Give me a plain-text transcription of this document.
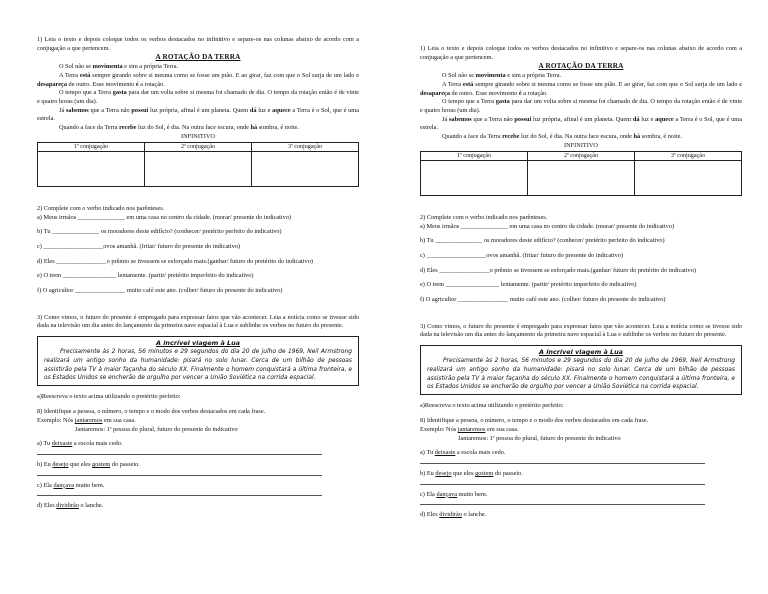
1) Leia o texto e depois coloque todos os verbos destacados no infinitivo e separe-os nas colunas abaixo de acordo com a conjugação a que pertencem.

A ROTAÇÃO DA TERRA

O Sol não se movimenta e sim a própria Terra.

A Terra está sempre girando sobre si mesma como se fosse um pião. E ao girar, faz com que o Sol surja de um lado e desapareça de outro. Esse movimento é a rotação.

O tempo que a Terra gasta para dar um volta sobre si mesma foi chamado de dia. O tempo da rotação então é de vinte e quatro horas (um dia).

Já sabemos que a Terra não possui luz própria, afinal é um planeta. Quem dá luz e aquece a Terra é o Sol, que é uma estrela.

Quando a face da Terra recebe luz do Sol, é dia. Na outra face escura, onde há sombra, é noite.

INFINITIVO

1ª conjugação	2ª conjugação	3ª conjugação

2) Complete com o verbo indicado nos parênteses.

a) Meus irmãos _______________ em uma casa no centro da cidade. (morar/ presente do indicativo)

b) Tu _______________ os moradores deste edifício? (conhecer/ pretérito perfeito do indicativo)

c) ___________________ovos amanhã. (fritar/ futuro do presente do indicativo)

d) Eles ________________o prêmio se tivessem se esforçado mais.(ganhar/ futuro do pretérito do indicativo)

e) O trem _________________ lentamente. (partir/ pretérito imperfeito do indicativo)

f) O agricultor ________________ muito café este ano. (colher/ futuro do presente do indicativo)

3) Como vimos, o futuro do presente é empregado para expressar fatos que vão acontecer. Leia a notícia como se tivesse sido dada na televisão um dia antes do lançamento da primeira nave espacial à Lua e sublinhe os verbos no futuro do presente.

A incrível viagem à Lua

Precisamente às 2 horas, 56 minutos e 29 segundos do dia 20 de julho de 1969, Neil Armstrong realizará um antigo sonho da humanidade: pisará no solo lunar. Cerca de um bilhão de pessoas assistirão pela TV à maior façanha do século XX. Finalmente o homem conquistará a última fronteira, e os Estados Unidos se encherão de orgulho por vencer a União Soviética na corrida espacial.

a)Reescreva o texto acima utilizando o pretérito perfeito:

8) Identifique a pessoa, o número, o tempo e o modo dos verbos destacados em cada frase.

Exemplo: Nós jantaremos em sua casa.

Jantaremos: 1ª pessoa do plural, futuro do presente do indicativo

a) Tu deixaste a escola mais cedo.

b) Eu desejo que eles gostem do passeio.

c) Ela dançava muito bem.

d) Eles dividirão o lanche.

1) Leia o texto e depois coloque todos os verbos destacados no infinitivo e separe-os nas colunas abaixo de acordo com a conjugação a que pertencem.

A ROTAÇÃO DA TERRA

O Sol não se movimenta e sim a própria Terra.

A Terra está sempre girando sobre si mesma como se fosse um pião. E ao girar, faz com que o Sol surja de um lado e desapareça de outro. Esse movimento é a rotação.

O tempo que a Terra gasta para dar um volta sobre si mesma foi chamado de dia. O tempo da rotação então é de vinte e quatro horas (um dia).

Já sabemos que a Terra não possui luz própria, afinal é um planeta. Quem dá luz e aquece a Terra é o Sol, que é uma estrela.

Quando a face da Terra recebe luz do Sol, é dia. Na outra face escura, onde há sombra, é noite.

INFINITIVO

1ª conjugação	2ª conjugação	3ª conjugação

2) Complete com o verbo indicado nos parênteses.

a) Meus irmãos _______________ em uma casa no centro da cidade. (morar/ presente do indicativo)

b) Tu _______________ os moradores deste edifício? (conhecer/ pretérito perfeito do indicativo)

c) ___________________ovos amanhã. (fritar/ futuro do presente do indicativo)

d) Eles ________________o prêmio se tivessem se esforçado mais.(ganhar/ futuro do pretérito do indicativo)

e) O trem _________________ lentamente. (partir/ pretérito imperfeito do indicativo)

f) O agricultor ________________ muito café este ano. (colher/ futuro do presente do indicativo)

3) Como vimos, o futuro do presente é empregado para expressar fatos que vão acontecer. Leia a notícia como se tivesse sido dada na televisão um dia antes do lançamento da primeira nave espacial à Lua e sublinhe os verbos no futuro do presente.

A incrível viagem à Lua

Precisamente às 2 horas, 56 minutos e 29 segundos do dia 20 de julho de 1969, Neil Armstrong realizará um antigo sonho da humanidade: pisará no solo lunar. Cerca de um bilhão de pessoas assistirão pela TV à maior façanha do século XX. Finalmente o homem conquistará a última fronteira, e os Estados Unidos se encherão de orgulho por vencer a União Soviética na corrida espacial.

a)Reescreva o texto acima utilizando o pretérito perfeito:

8) Identifique a pessoa, o número, o tempo e o modo dos verbos destacados em cada frase.

Exemplo: Nós jantaremos em sua casa.

Jantaremos: 1ª pessoa do plural, futuro do presente do indicativo

a) Tu deixaste a escola mais cedo.

b) Eu desejo que eles gostem do passeio.

c) Ela dançava muito bem.

d) Eles dividirão o lanche.
